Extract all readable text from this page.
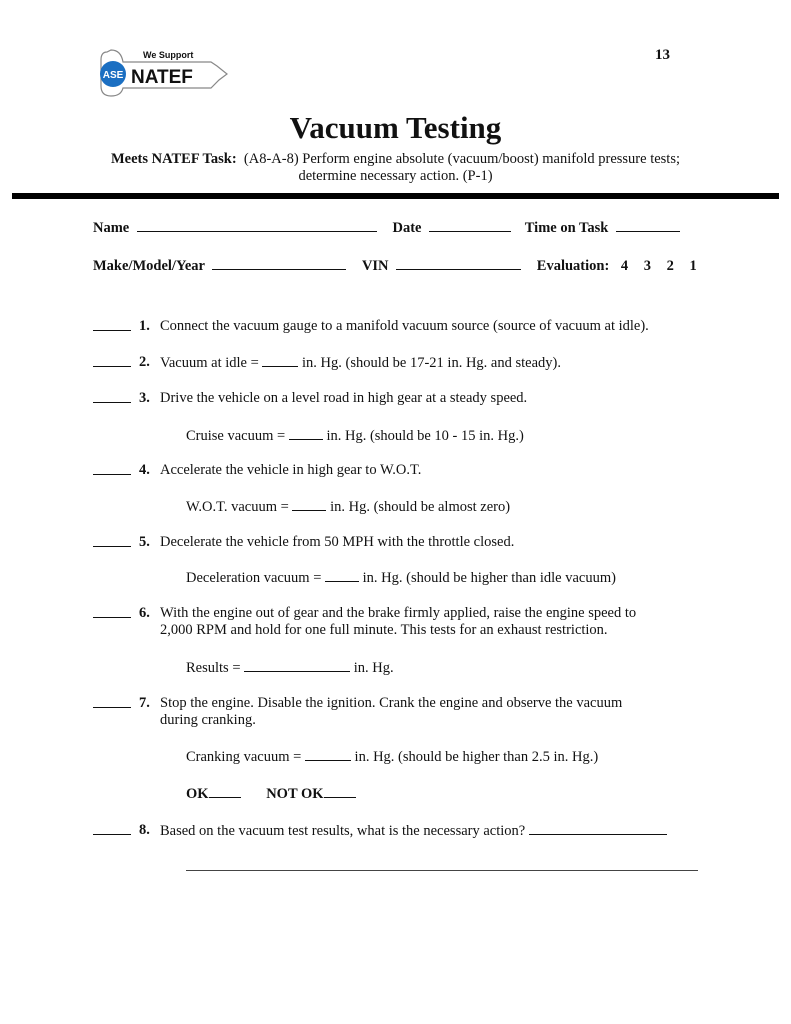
ASE
We Support
NATEF
13
Vacuum Testing
Meets NATEF Task: (A8-A-8) Perform engine absolute (vacuum/boost) manifold pressure tests;
determine necessary action. (P-1)
Name	Date	Time on Task
Make/Model/Year	VIN	Evaluation: 4 3 2 1
1. Connect the vacuum gauge to a manifold vacuum source (source of vacuum at idle).
2. Vacuum at idle =	in. Hg. (should be 17-21 in. Hg. and steady).
3. Drive the vehicle on a level road in high gear at a steady speed.
Cruise vacuum =	in. Hg. (should be 10 - 15 in. Hg.)
4. Accelerate the vehicle in high gear to W.O.T.
W.O.T. vacuum =	in. Hg. (should be almost zero)
5. Decelerate the vehicle from 50 MPH with the throttle closed.
Deceleration vacuum =	in. Hg. (should be higher than idle vacuum)
6. With the engine out of gear and the brake firmly applied, raise the engine speed to 2,000 RPM and hold for one full minute. This tests for an exhaust restriction.
Results =	in. Hg.
7. Stop the engine. Disable the ignition. Crank the engine and observe the vacuum during cranking.
Cranking vacuum =	in. Hg. (should be higher than 2.5 in. Hg.)
OK	NOT OK
8. Based on the vacuum test results, what is the necessary action?
